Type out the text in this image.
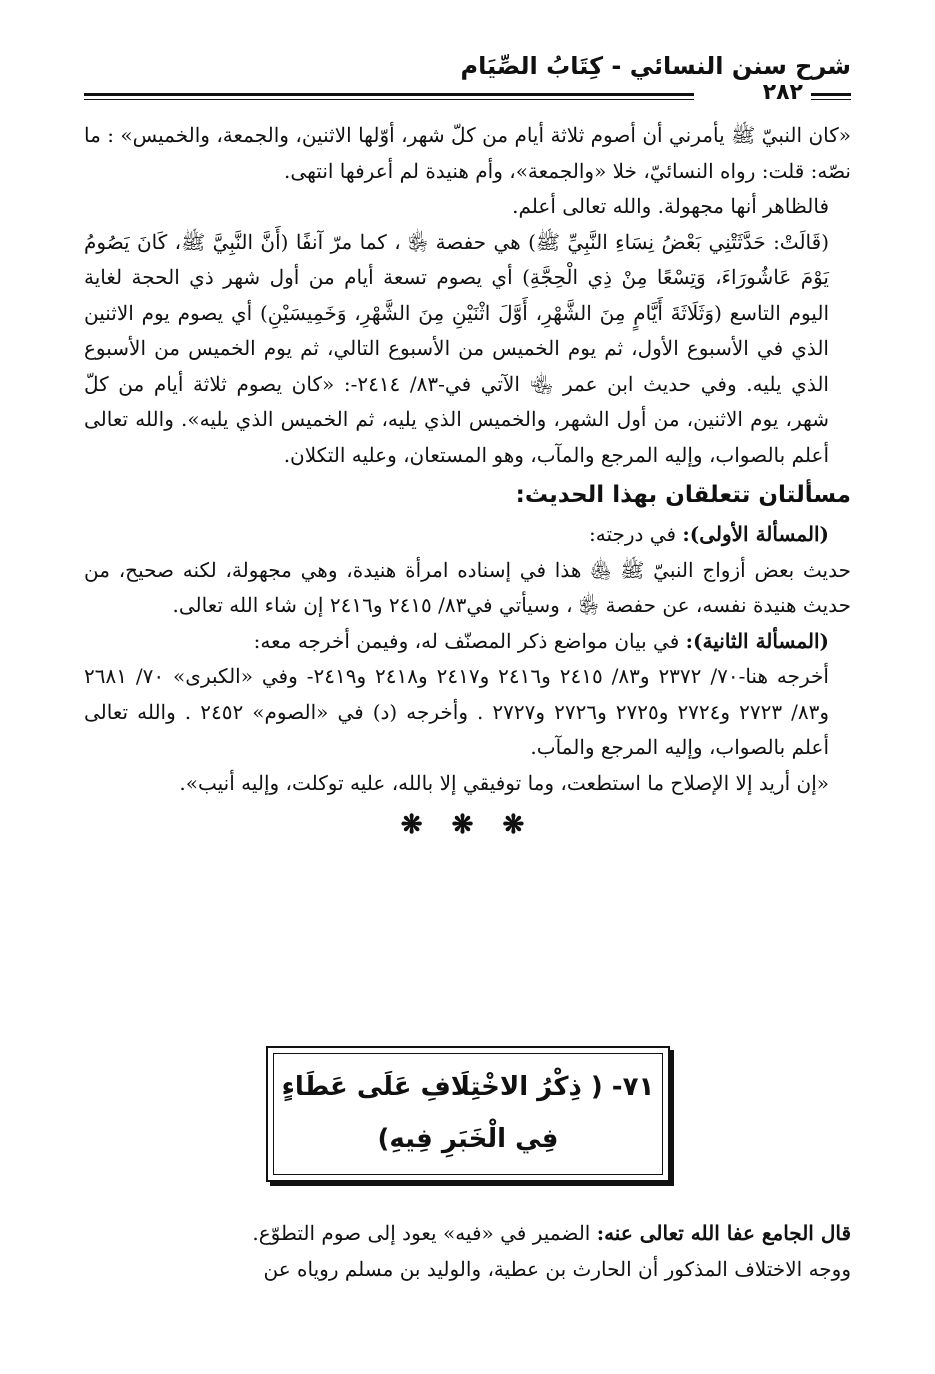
شرح سنن النسائي - كِتَابُ الصِّيَام
٢٨٢

«كان النبيّ ﷺ يأمرني أن أصوم ثلاثة أيام من كلّ شهر، أوّلها الاثنين، والجمعة، والخميس» : ما نصّه: قلت: رواه النسائيّ، خلا «والجمعة»، وأم هنيدة لم أعرفها انتهى.

فالظاهر أنها مجهولة. والله تعالى أعلم.

(قَالَتْ: حَدَّثَتْنِي بَعْضُ نِسَاءِ النَّبِيِّ ﷺ) هي حفصة ﵂ ، كما مرّ آنفًا (أَنَّ النَّبِيَّ ﷺ، كَانَ يَصُومُ يَوْمَ عَاشُورَاءَ، وَتِسْعًا مِنْ ذِي الْحِجَّةِ) أي يصوم تسعة أيام من أول شهر ذي الحجة لغاية اليوم التاسع (وَثَلَاثَةَ أَيَّامٍ مِنَ الشَّهْرِ، أَوَّلَ اثْنَيْنِ مِنَ الشَّهْرِ، وَخَمِيسَيْنِ) أي يصوم يوم الاثنين الذي في الأسبوع الأول، ثم يوم الخميس من الأسبوع التالي، ثم يوم الخميس من الأسبوع الذي يليه. وفي حديث ابن عمر ﵄ الآتي في-٨٣/ ٢٤١٤-: «كان يصوم ثلاثة أيام من كلّ شهر، يوم الاثنين، من أول الشهر، والخميس الذي يليه، ثم الخميس الذي يليه». والله تعالى أعلم بالصواب، وإليه المرجع والمآب، وهو المستعان، وعليه التكلان.

مسألتان تتعلقان بهذا الحديث:

(المسألة الأولى): في درجته:

حديث بعض أزواج النبيّ ﷺ ﵅ هذا في إسناده امرأة هنيدة، وهي مجهولة، لكنه صحيح، من حديث هنيدة نفسه، عن حفصة ﵂ ، وسيأتي في٨٣/ ٢٤١٥ و٢٤١٦ إن شاء الله تعالى.

(المسألة الثانية): في بيان مواضع ذكر المصنّف له، وفيمن أخرجه معه:

أخرجه هنا-٧٠/ ٢٣٧٢ و٨٣/ ٢٤١٥ و٢٤١٦ و٢٤١٧ و٢٤١٨ و٢٤١٩- وفي «الكبرى» ٧٠/ ٢٦٨١ و٨٣/ ٢٧٢٣ و٢٧٢٤ و٢٧٢٥ و٢٧٢٦ و٢٧٢٧ . وأخرجه (د) في «الصوم» ٢٤٥٢ . والله تعالى أعلم بالصواب، وإليه المرجع والمآب.

«إن أريد إلا الإصلاح ما استطعت، وما توفيقي إلا بالله، عليه توكلت، وإليه أنيب».

❋ ❋ ❋
٧١- ( ذِكْرُ الاخْتِلَافِ عَلَى عَطَاءٍ
فِي الْخَبَرِ فِيهِ)

قال الجامع عفا الله تعالى عنه: الضمير في «فيه» يعود إلى صوم التطوّع.

ووجه الاختلاف المذكور أن الحارث بن عطية، والوليد بن مسلم روياه عن
